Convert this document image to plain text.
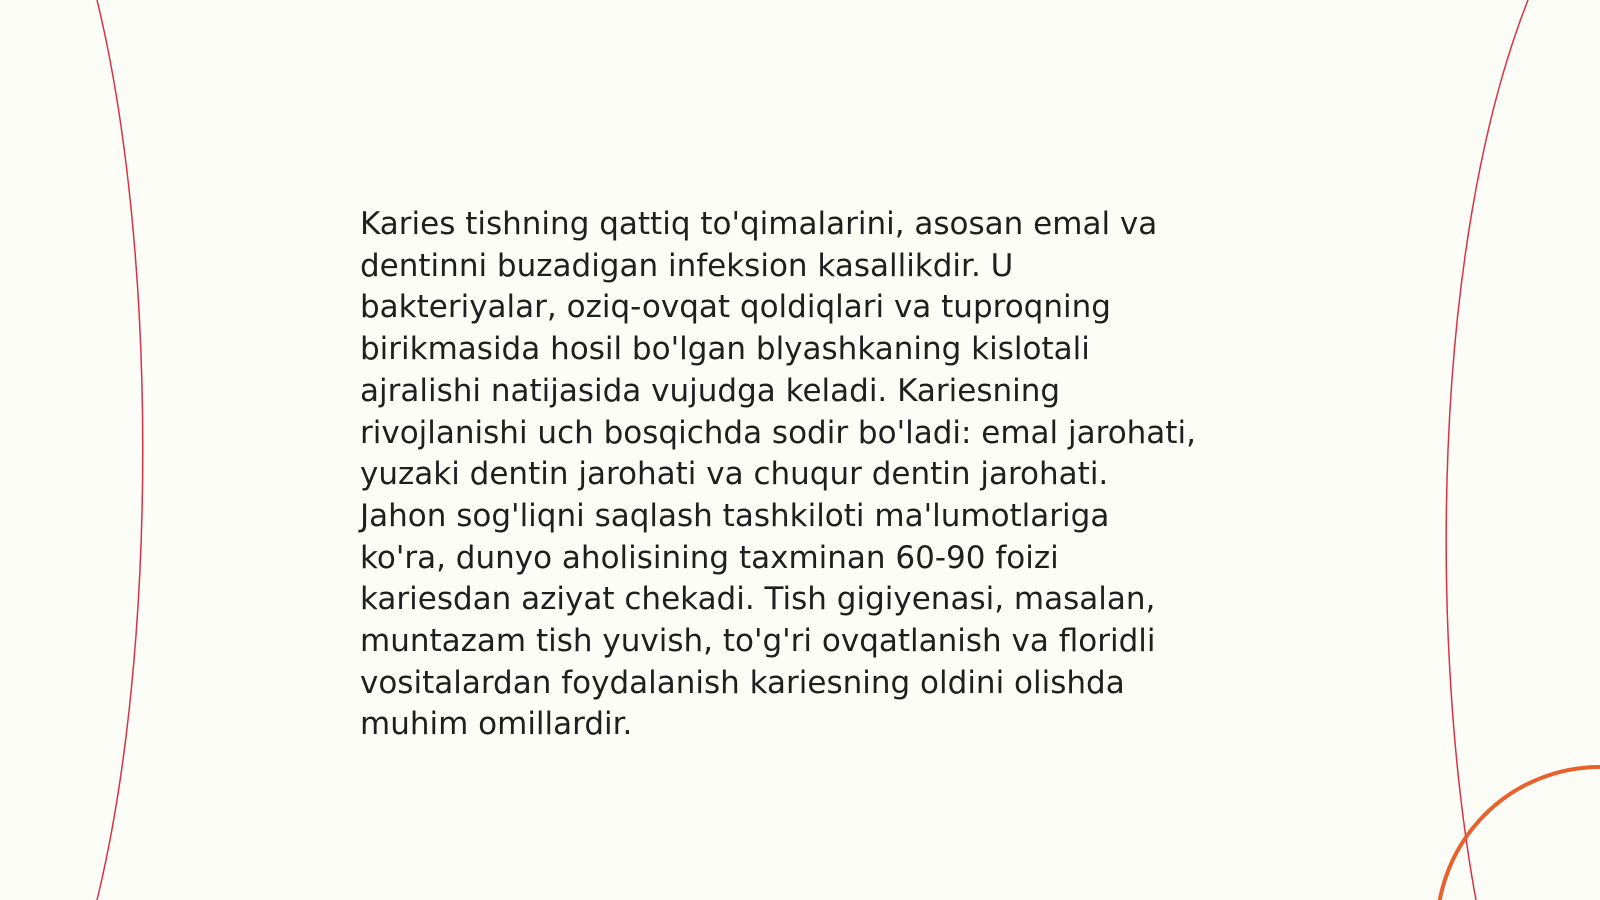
Karies tishning qattiq to'qimalarini, asosan emal va
dentinni buzadigan infeksion kasallikdir. U
bakteriyalar, oziq-ovqat qoldiqlari va tuproqning
birikmasida hosil bo'lgan blyashkaning kislotali
ajralishi natijasida vujudga keladi. Kariesning
rivojlanishi uch bosqichda sodir bo'ladi: emal jarohati,
yuzaki dentin jarohati va chuqur dentin jarohati.
Jahon sog'liqni saqlash tashkiloti ma'lumotlariga
ko'ra, dunyo aholisining taxminan 60-90 foizi
kariesdan aziyat chekadi. Tish gigiyenasi, masalan,
muntazam tish yuvish, to'g'ri ovqatlanish va floridli
vositalardan foydalanish kariesning oldini olishda
muhim omillardir.
